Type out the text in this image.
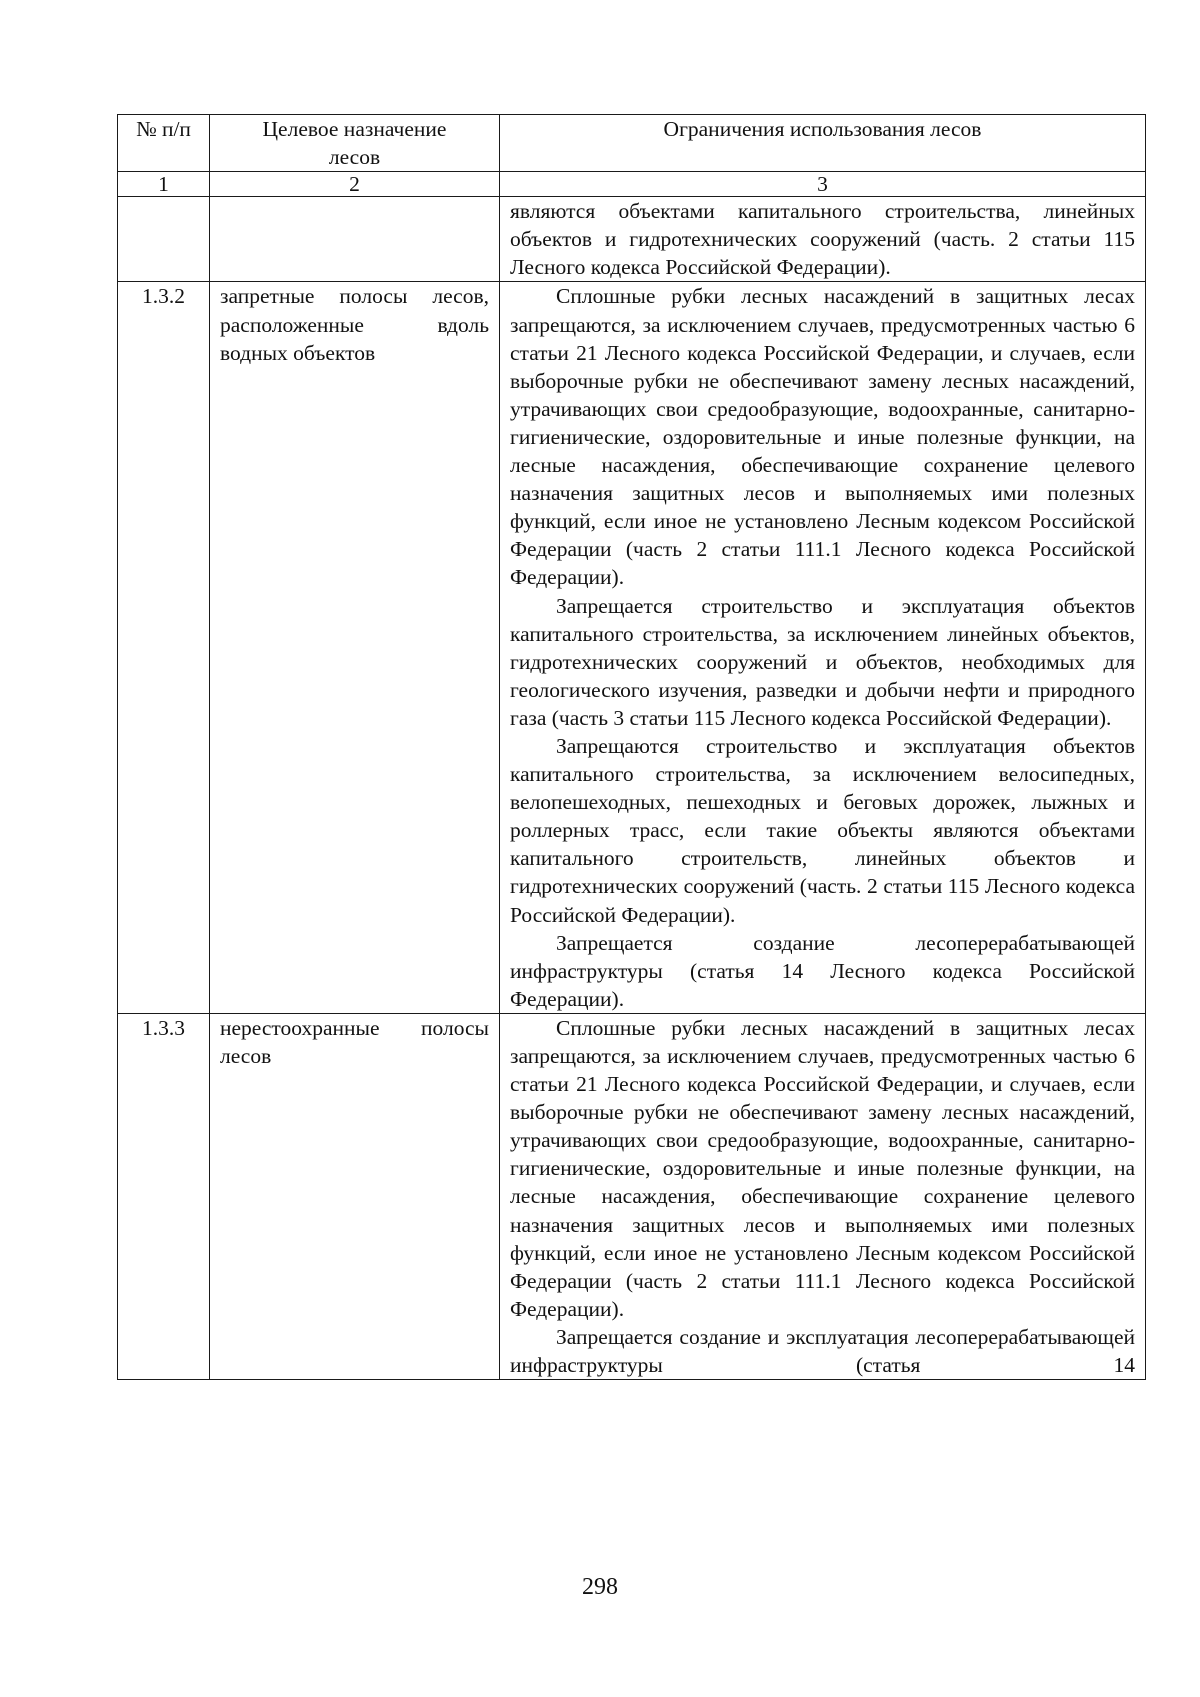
№ п/п	Целевое назначение лесов	Ограничения использования лесов
1	2	3

		являются объектами капитального строительства, линейных объектов и гидротехнических сооружений (часть. 2 статьи 115 Лесного кодекса Российской Федерации).

1.3.2	запретные полосы лесов, расположенные вдоль водных объектов	Сплошные рубки лесных насаждений в защитных лесах запрещаются, за исключением случаев, предусмотренных частью 6 статьи 21 Лесного кодекса Российской Федерации, и случаев, если выборочные рубки не обеспечивают замену лесных насаждений, утрачивающих свои средообразующие, водоохранные, санитарно-гигиенические, оздоровительные и иные полезные функции, на лесные насаждения, обеспечивающие сохранение целевого назначения защитных лесов и выполняемых ими полезных функций, если иное не установлено Лесным кодексом Российской Федерации (часть 2 статьи 111.1 Лесного кодекса Российской Федерации).

Запрещается строительство и эксплуатация объектов капитального строительства, за исключением линейных объектов, гидротехнических сооружений и объектов, необходимых для геологического изучения, разведки и добычи нефти и природного газа (часть 3 статьи 115 Лесного кодекса Российской Федерации).

Запрещаются строительство и эксплуатация объектов капитального строительства, за исключением велосипедных, велопешеходных, пешеходных и беговых дорожек, лыжных и роллерных трасс, если такие объекты являются объектами капитального строительств, линейных объектов и гидротехнических сооружений (часть. 2 статьи 115 Лесного кодекса Российской Федерации).

Запрещается создание лесоперерабатывающей инфраструктуры (статья 14 Лесного кодекса Российской Федерации).

1.3.3	нерестоохранные полосы лесов	Сплошные рубки лесных насаждений в защитных лесах запрещаются, за исключением случаев, предусмотренных частью 6 статьи 21 Лесного кодекса Российской Федерации, и случаев, если выборочные рубки не обеспечивают замену лесных насаждений, утрачивающих свои средообразующие, водоохранные, санитарно-гигиенические, оздоровительные и иные полезные функции, на лесные насаждения, обеспечивающие сохранение целевого назначения защитных лесов и выполняемых ими полезных функций, если иное не установлено Лесным кодексом Российской Федерации (часть 2 статьи 111.1 Лесного кодекса Российской Федерации).

Запрещается создание и эксплуатация лесоперерабатывающей инфраструктуры (статья 14

298
